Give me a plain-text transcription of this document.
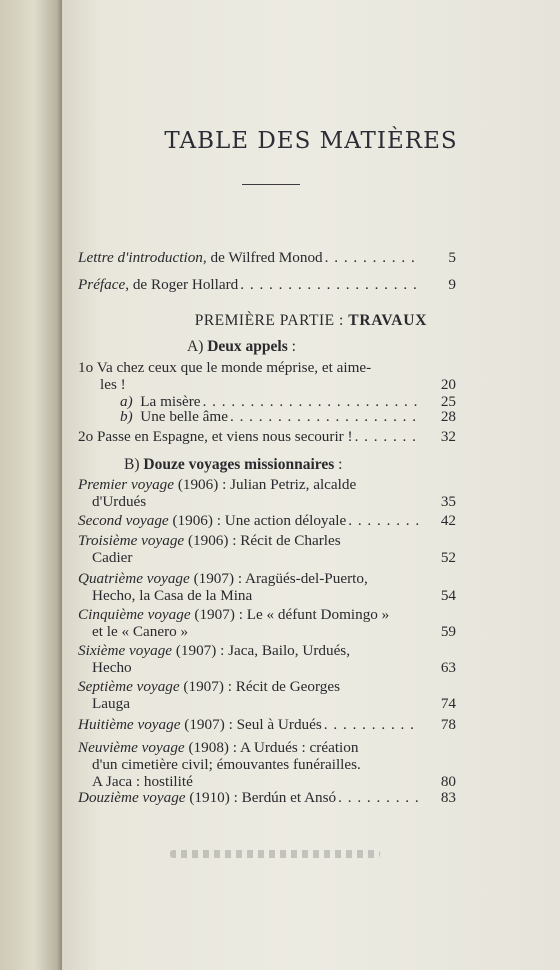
TABLE DES MATIÈRES
Lettre d'introduction, de Wilfred Monod . . .	5
Préface, de Roger Hollard . . .	9
PREMIÈRE PARTIE : TRAVAUX
A) Deux appels :
1o Va chez ceux que le monde méprise, et aime-
les !	20
a) La misère . . .	25
b) Une belle âme . . .	28
2o Passe en Espagne, et viens nous secourir ! . . .	32
B) Douze voyages missionnaires :
Premier voyage (1906) : Julian Petriz, alcalde
d'Urdués	35
Second voyage (1906) : Une action déloyale . . .	42
Troisième voyage (1906) : Récit de Charles
Cadier	52
Quatrième voyage (1907) : Aragüés-del-Puerto,
Hecho, la Casa de la Mina	54
Cinquième voyage (1907) : Le « défunt Domingo »
et le « Canero »	59
Sixième voyage (1907) : Jaca, Bailo, Urdués,
Hecho	63
Septième voyage (1907) : Récit de Georges
Lauga	74
Huitième voyage (1907) : Seul à Urdués . . .	78
Neuvième voyage (1908) : A Urdués : création
d'un cimetière civil; émouvantes funérailles.
A Jaca : hostilité	80
Douzième voyage (1910) : Berdún et Ansó . . .	83
